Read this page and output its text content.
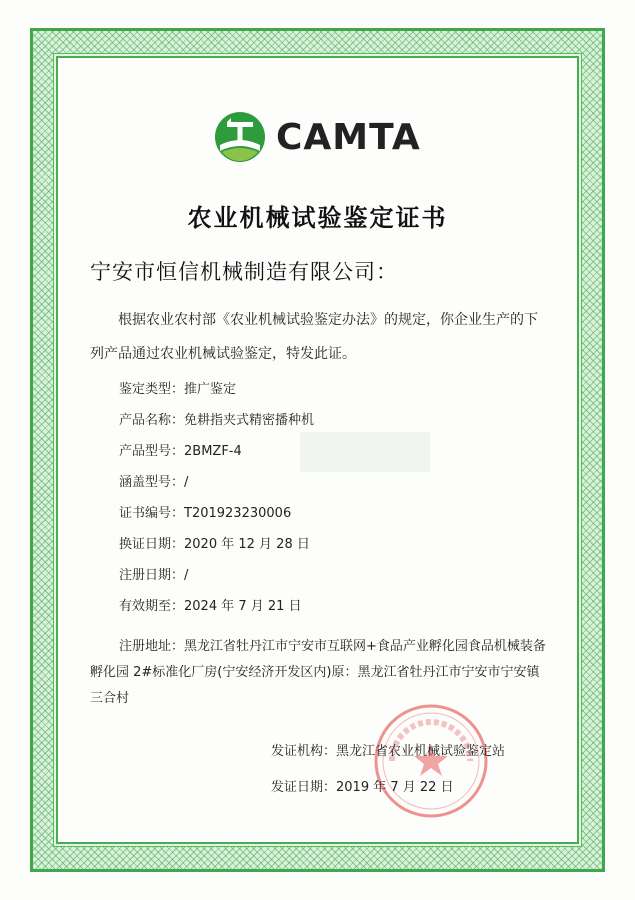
CAMTA
农业机械试验鉴定证书
宁安市恒信机械制造有限公司：
根据农业农村部《农业机械试验鉴定办法》的规定，你企业生产的下列产品通过农业机械试验鉴定，特发此证。
鉴定类型： 推广鉴定
产品名称： 免耕指夹式精密播种机
产品型号： 2BMZF-4
涵盖型号： /
证书编号： T201923230006
换证日期： 2020 年 12 月 28 日
注册日期： /
有效期至： 2024 年 7 月 21 日
注册地址：黑龙江省牡丹江市宁安市互联网+食品产业孵化园食品机械装备孵化园 2#标准化厂房(宁安经济开发区内)原：黑龙江省牡丹江市宁安市宁安镇三合村
发证机构：黑龙江省农业机械试验鉴定站
发证日期：2019 年 7 月 22 日
